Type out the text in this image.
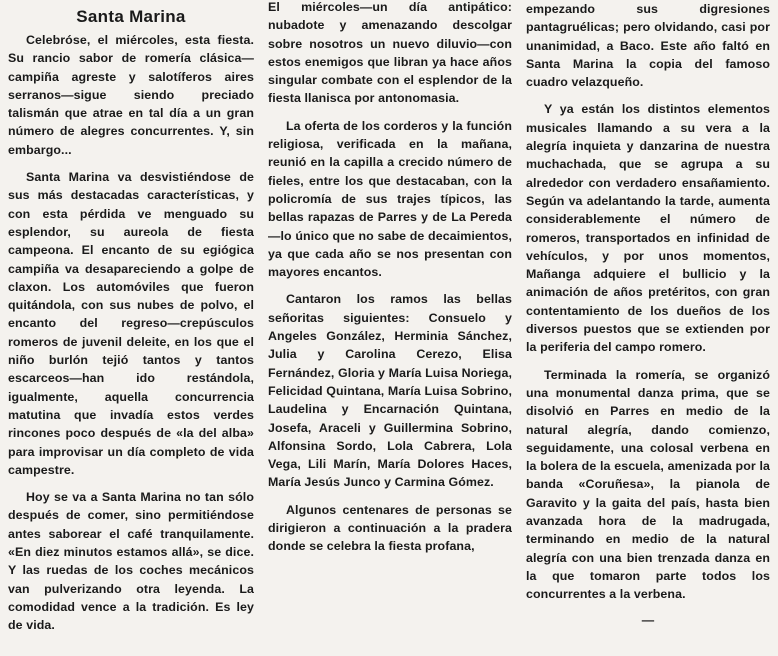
Santa Marina

Celebróse, el miércoles, esta fiesta. Su rancio sabor de romería clásica—campiña agreste y salotíferos aires serranos—sigue siendo preciado talismán que atrae en tal día a un gran número de alegres concurrentes. Y, sin embargo...

Santa Marina va desvistiéndose de sus más destacadas características, y con esta pérdida ve menguado su esplendor, su aureola de fiesta campeona. El encanto de su egiógica campiña va desapareciendo a golpe de claxon. Los automóviles que fueron quitándola, con sus nubes de polvo, el encanto del regreso—crepúsculos romeros de juvenil deleite, en los que el niño burlón tejió tantos y tantos escarceos—han ido restándola, igualmente, aquella concurrencia matutina que invadía estos verdes rincones poco después de «la del alba» para improvisar un día completo de vida campestre.

Hoy se va a Santa Marina no tan sólo después de comer, sino permitiéndose antes saborear el café tranquilamente. «En diez minutos estamos allá», se dice. Y las ruedas de los coches mecánicos van pulverizando otra leyenda. La comodidad vence a la tradición. Es ley de vida.

El miércoles—un día antipático: nubadote y amenazando descolgar sobre nosotros un nuevo diluvio—con estos enemigos que libran ya hace años singular combate con el esplendor de la fiesta llanisca por antonomasia.

La oferta de los corderos y la función religiosa, verificada en la mañana, reunió en la capilla a crecido número de fieles, entre los que destacaban, con la policromía de sus trajes típicos, las bellas rapazas de Parres y de La Pereda—lo único que no sabe de decaimientos, ya que cada año se nos presentan con mayores encantos.

Cantaron los ramos las bellas señoritas siguientes: Consuelo y Angeles González, Herminia Sánchez, Julia y Carolina Cerezo, Elisa Fernández, Gloria y María Luisa Noriega, Felicidad Quintana, María Luisa Sobrino, Laudelina y Encarnación Quintana, Josefa, Araceli y Guillermina Sobrino, Alfonsina Sordo, Lola Cabrera, Lola Vega, Lili Marín, María Dolores Haces, María Jesús Junco y Carmina Gómez.

Algunos centenares de personas se dirigieron a continuación a la pradera donde se celebra la fiesta profana,

empezando sus digresiones pantagruélicas; pero olvidando, casi por unanimidad, a Baco. Este año faltó en Santa Marina la copia del famoso cuadro velazqueño.

Y ya están los distintos elementos musicales llamando a su vera a la alegría inquieta y danzarina de nuestra muchachada, que se agrupa a su alrededor con verdadero ensañamiento. Según va adelantando la tarde, aumenta considerablemente el número de romeros, transportados en infinidad de vehículos, y por unos momentos, Mañanga adquiere el bullicio y la animación de años pretéritos, con gran contentamiento de los dueños de los diversos puestos que se extienden por la periferia del campo romero.

Terminada la romería, se organizó una monumental danza prima, que se disolvió en Parres en medio de la natural alegría, dando comienzo, seguidamente, una colosal verbena en la bolera de la escuela, amenizada por la banda «Coruñesa», la pianola de Garavito y la gaita del país, hasta bien avanzada hora de la madrugada, terminando en medio de la natural alegría con una bien trenzada danza en la que tomaron parte todos los concurrentes a la verbena.

—
